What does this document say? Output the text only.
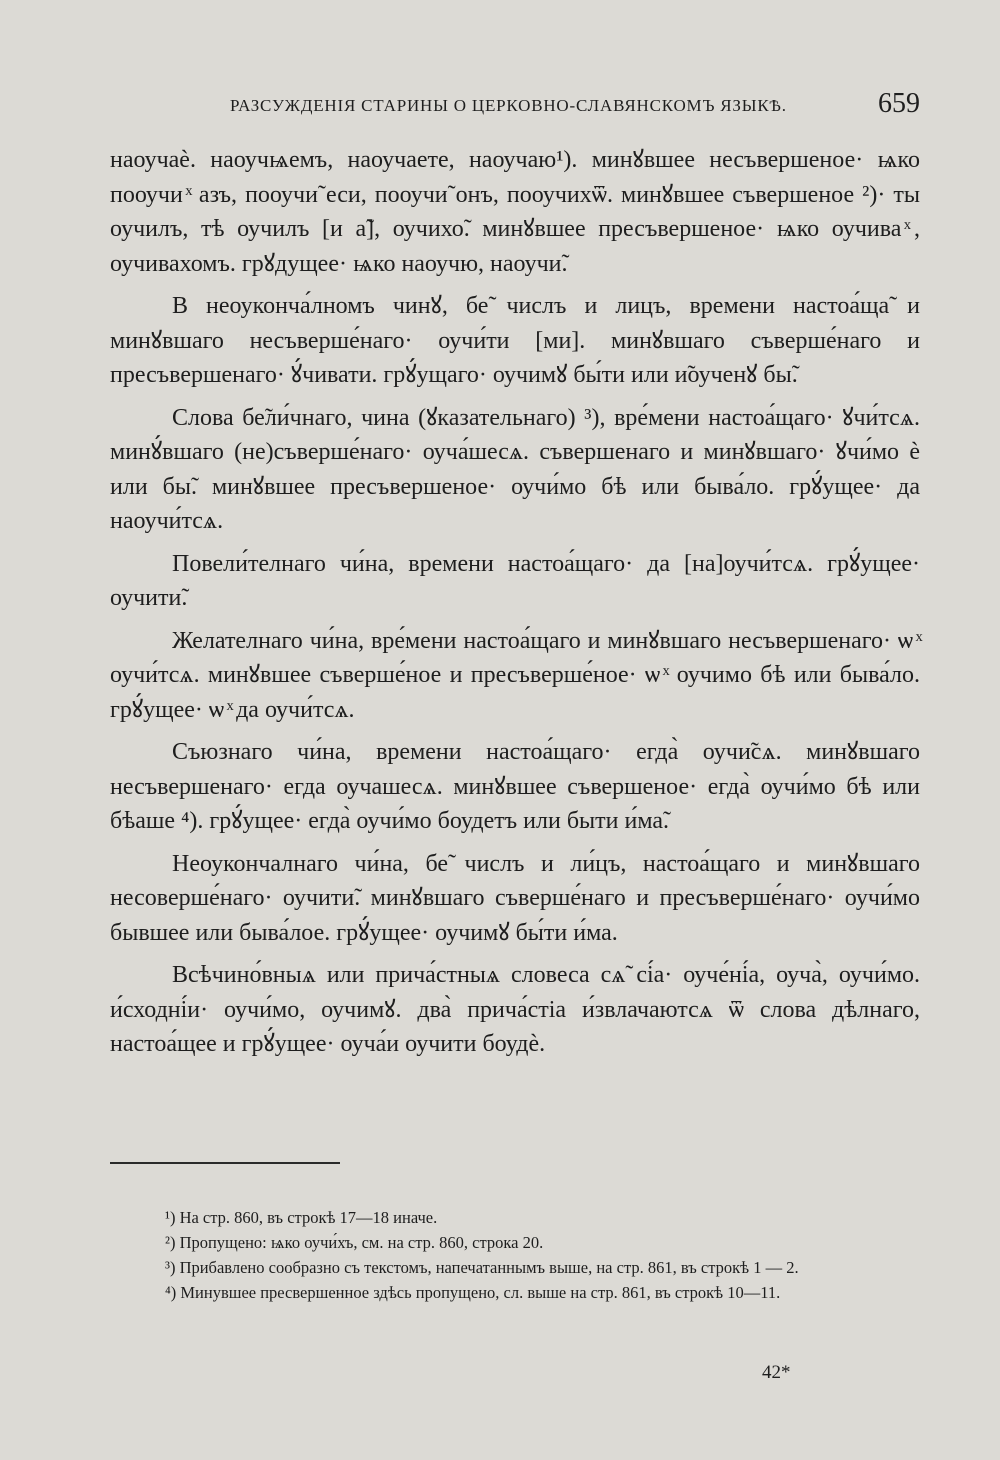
РАЗСУЖДЕНІЯ СТАРИНЫ О ЦЕРКОВНО-СЛАВЯНСКОМЪ ЯЗЫКѢ.	659

наоучаѐ. наоучѩемъ, наоучаете, наоучаю¹). минꙋвшее несъвершеное· ѩко пооучи ͯ азъ, пооучи̃ еси, пооучи̃ онъ, пооучихѿ. минꙋвшее съвершеное ²)· ты оучилъ, тѣ оучилъ [и а̃], оучихо̃. минꙋвшее пресъвершеное· ѩко оучива ͯ, оучивахомъ. грꙋдущее· ѩко наоучю, наоучи̃.

В неоуконча́лномъ чинꙋ, бе̃ числъ и лицъ, времени настоа́ща̃ и минꙋвшаго несъверше́наго· оучи́ти [ми]. минꙋвшаго съверше́наго и пресъвершенаго· ꙋ́чивати. грꙋ́ущаго· оучимꙋ бы́ти или и̃оученꙋ бы̃.

Слова бе̃ли́чнаго, чина (ꙋказательнаго) ³), вре́мени настоа́щаго· ꙋчи́тсѧ. минꙋ́вшаго (не)съверше́наго· оуча́шесѧ. съвершенаго и минꙋвшаго· ꙋчи́мо ѐ или бы̃. минꙋвшее пресъвершеное· оучи́мо бѣ или быва́ло. грꙋ́ущее· да наоучи́тсѧ.

Повели́телнаго чи́на, времени настоа́щаго· да [на]оучи́тсѧ. грꙋ́ущее· оучити̃.

Желателнаго чи́на, вре́мени настоа́щаго и минꙋвшаго несъвершенаго· ѡ ͯ оучи́тсѧ. минꙋвшее съверше́ное и пресъверше́ное· ѡ ͯ оучимо бѣ или быва́ло. грꙋ́ущее· ѡ ͯ да оучи́тсѧ.

Съюзнаго чи́на, времени настоа́щаго· егда̀ оучи̃сѧ. минꙋвшаго несъвершенаго· егда оучашесѧ. минꙋвшее съвершеное· егда̀ оучи́мо бѣ или бѣаше ⁴). грꙋ́ущее· егда̀ оучи́мо боудетъ или быти и́ма̃.

Неоукончалнаго чи́на, бе̃ числъ и ли́цъ, настоа́щаго и минꙋвшаго несоверше́наго· оучити̃. минꙋвшаго съверше́наго и пресъверше́наго· оучи́мо бывшее или быва́лое. грꙋ́ущее· оучимꙋ бы́ти и́ма.

Всѣчино́вныѧ или прича́стныѧ словеса сѧ̃ сі́а· оуче́ні́а, оуча̀, оучи́мо. и́сходні́и· оучи́мо, оучимꙋ. два̀ прича́стіа и́звлачаютсѧ ѿ слова дѣлнаго, настоа́щее и грꙋ́ущее· оуча́и оучити боудѐ.

¹) На стр. 860, въ строкѣ 17—18 иначе.

²) Пропущено: ѩко оучи́хъ, см. на стр. 860, строка 20.

³) Прибавлено сообразно съ текстомъ, напечатаннымъ выше, на стр. 861, въ строкѣ 1 — 2.

⁴) Минувшее пресвершенное здѣсь пропущено, сл. выше на стр. 861, въ строкѣ 10—11.

42*
